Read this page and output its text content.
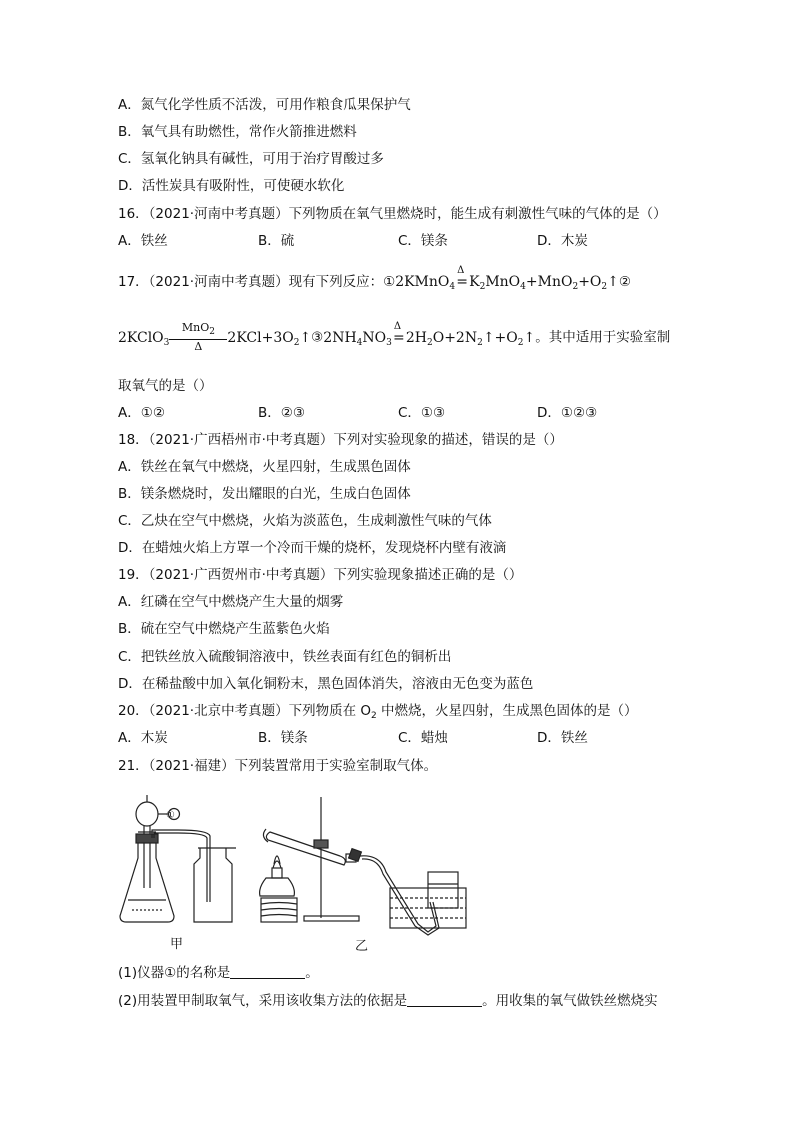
A．氮气化学性质不活泼，可用作粮食瓜果保护气
B．氧气具有助燃性，常作火箭推进燃料
C．氢氧化钠具有碱性，可用于治疗胃酸过多
D．活性炭具有吸附性，可使硬水软化
16．（2021·河南中考真题）下列物质在氧气里燃烧时，能生成有刺激性气味的气体的是（）
A．铁丝	B．硫	C．镁条	D．木炭
17．（2021·河南中考真题）现有下列反应：①2KMnO$_4$
Δ
$=K_2MnO_4+MnO_2+O_2↑②$
2KClO$_3$ $\frac{MnO_2}{\Delta}$ $2KCl+3O_2↑③2NH_4NO_3$
Δ
$=2H_2O+2N_2↑+O_2↑$。其中适用于实验室制
取氧气的是（）
A．①②	B．②③	C．①③	D．①②③
18．（2021·广西梧州市·中考真题）下列对实验现象的描述，错误的是（）
A．铁丝在氧气中燃烧，火星四射，生成黑色固体
B．镁条燃烧时，发出耀眼的白光，生成白色固体
C．乙炔在空气中燃烧，火焰为淡蓝色，生成刺激性气味的气体
D．在蜡烛火焰上方罩一个冷而干燥的烧杯，发现烧杯内壁有液滴
19．（2021·广西贺州市·中考真题）下列实验现象描述正确的是（）
A．红磷在空气中燃烧产生大量的烟雾
B．硫在空气中燃烧产生蓝紫色火焰
C．把铁丝放入硫酸铜溶液中，铁丝表面有红色的铜析出
D．在稀盐酸中加入氧化铜粉末，黑色固体消失，溶液由无色变为蓝色
20．（2021·北京中考真题）下列物质在 $O_2$ 中燃烧，火星四射，生成黑色固体的是（）
A．木炭	B．镁条	C．蜡烛	D．铁丝
21．（2021·福建）下列装置常用于实验室制取气体。
①
甲	乙
(1)仪器①的名称是	。
(2)用装置甲制取氧气，采用该收集方法的依据是	。用收集的氧气做铁丝燃烧实
